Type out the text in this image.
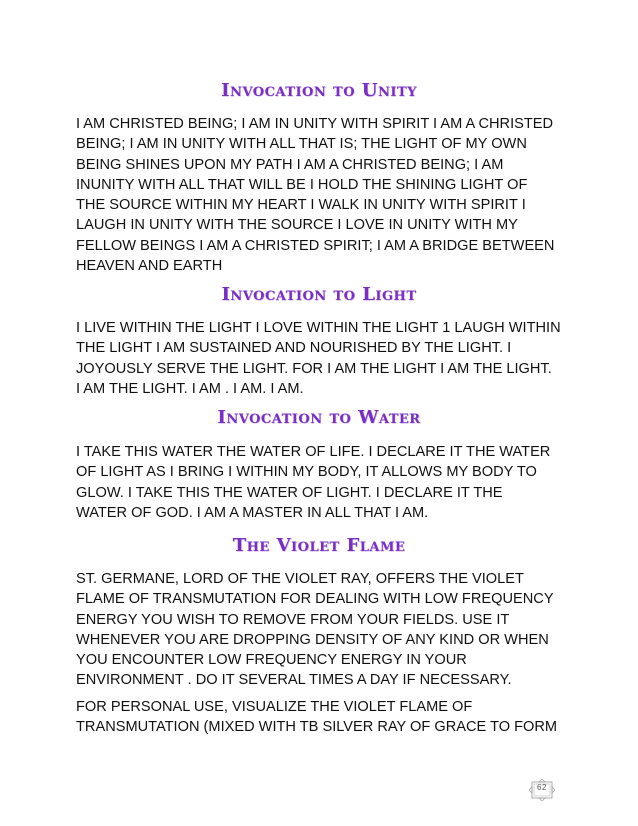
Invocation to Unity
I AM CHRISTED BEING; I AM IN UNITY WITH SPIRIT I AM A CHRISTED
BEING; I AM IN UNITY WITH ALL THAT IS; THE LIGHT OF MY OWN
BEING SHINES UPON MY PATH I AM A CHRISTED BEING; I AM
INUNITY WITH ALL THAT WILL BE I HOLD THE SHINING LIGHT OF
THE SOURCE WITHIN MY HEART I WALK IN UNITY WITH SPIRIT I
LAUGH IN UNITY WITH THE SOURCE I LOVE IN UNITY WITH MY
FELLOW BEINGS I AM A CHRISTED SPIRIT; I AM A BRIDGE BETWEEN
HEAVEN AND EARTH
Invocation to Light
I LIVE WITHIN THE LIGHT I LOVE WITHIN THE LIGHT 1 LAUGH WITHIN
THE LIGHT I AM SUSTAINED AND NOURISHED BY THE LIGHT. I
JOYOUSLY SERVE THE LIGHT. FOR I AM THE LIGHT I AM THE LIGHT.
I AM THE LIGHT. I AM . I AM. I AM.
Invocation to Water
I TAKE THIS WATER THE WATER OF LIFE. I DECLARE IT THE WATER
OF LIGHT AS I BRING I WITHIN MY BODY, IT ALLOWS MY BODY TO
GLOW. I TAKE THIS THE WATER OF LIGHT. I DECLARE IT THE
WATER OF GOD. I AM A MASTER IN ALL THAT I AM.
The Violet Flame
ST. GERMANE, LORD OF THE VIOLET RAY, OFFERS THE VIOLET
FLAME OF TRANSMUTATION FOR DEALING WITH LOW FREQUENCY
ENERGY YOU WISH TO REMOVE FROM YOUR FIELDS. USE IT
WHENEVER YOU ARE DROPPING DENSITY OF ANY KIND OR WHEN
YOU ENCOUNTER LOW FREQUENCY ENERGY IN YOUR
ENVIRONMENT . DO IT SEVERAL TIMES A DAY IF NECESSARY.
FOR PERSONAL USE, VISUALIZE THE VIOLET FLAME OF
TRANSMUTATION (MIXED WITH TB SILVER RAY OF GRACE TO FORM
62
